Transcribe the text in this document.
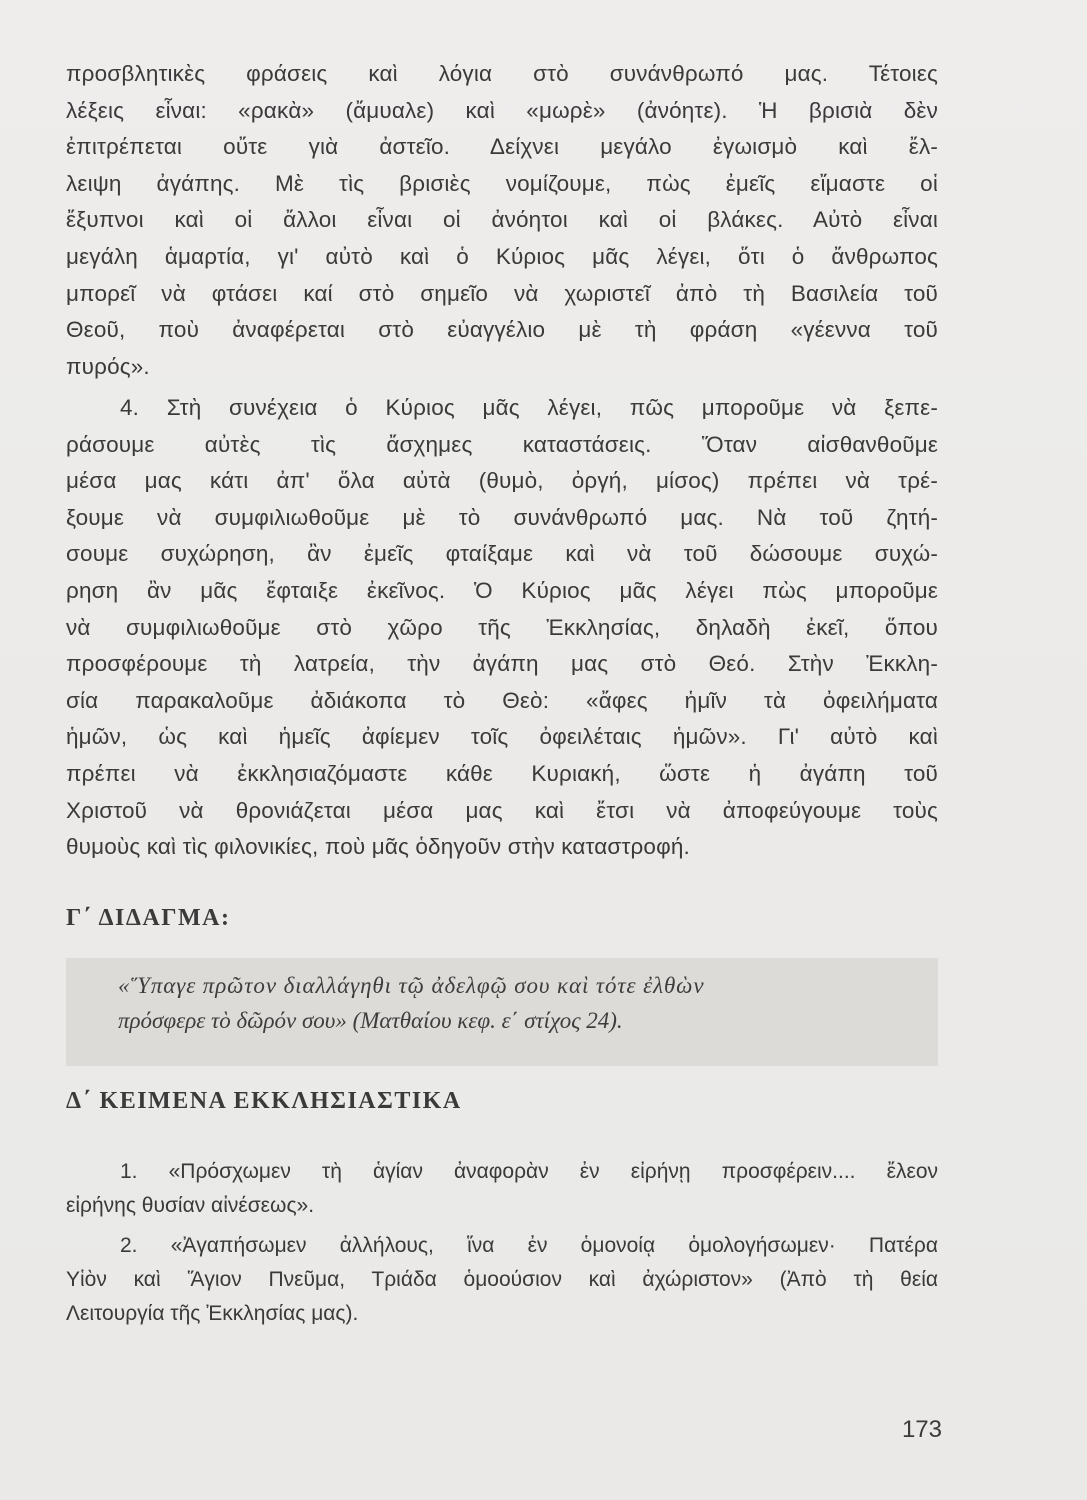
προσβλητικὲς φράσεις καὶ λόγια στὸ συνάνθρωπό μας. Τέτοιες
λέξεις εἶναι: «ρακὰ» (ἄμυαλε) καὶ «μωρὲ» (ἀνόητε). Ἡ βρισιὰ δὲν
ἐπιτρέπεται οὔτε γιὰ ἀστεῖο. Δείχνει μεγάλο ἐγωισμὸ καὶ ἔλ-
λειψη ἀγάπης. Μὲ τὶς βρισιὲς νομίζουμε, πὼς ἐμεῖς εἴμαστε οἱ
ἔξυπνοι καὶ οἱ ἄλλοι εἶναι οἱ ἀνόητοι καὶ οἱ βλάκες. Αὐτὸ εἶναι
μεγάλη ἁμαρτία, γι' αὐτὸ καὶ ὁ Κύριος μᾶς λέγει, ὅτι ὁ ἄνθρωπος
μπορεῖ νὰ φτάσει καί στὸ σημεῖο νὰ χωριστεῖ ἀπὸ τὴ Βασιλεία τοῦ
Θεοῦ, ποὺ ἀναφέρεται στὸ εὐαγγέλιο μὲ τὴ φράση «γέεννα τοῦ
πυρός».
4. Στὴ συνέχεια ὁ Κύριος μᾶς λέγει, πῶς μποροῦμε νὰ ξεπε-
ράσουμε αὐτὲς τὶς ἄσχημες καταστάσεις. Ὅταν αἰσθανθοῦμε
μέσα μας κάτι ἀπ' ὅλα αὐτὰ (θυμὸ, ὀργή, μίσος) πρέπει νὰ τρέ-
ξουμε νὰ συμφιλιωθοῦμε μὲ τὸ συνάνθρωπό μας. Νὰ τοῦ ζητή-
σουμε συχώρηση, ἂν ἐμεῖς φταίξαμε καὶ νὰ τοῦ δώσουμε συχώ-
ρηση ἂν μᾶς ἔφταιξε ἐκεῖνος. Ὁ Κύριος μᾶς λέγει πὼς μποροῦμε
νὰ συμφιλιωθοῦμε στὸ χῶρο τῆς Ἐκκλησίας, δηλαδὴ ἐκεῖ, ὅπου
προσφέρουμε τὴ λατρεία, τὴν ἀγάπη μας στὸ Θεό. Στὴν Ἐκκλη-
σία παρακαλοῦμε ἀδιάκοπα τὸ Θεὸ: «ἄφες ἡμῖν τὰ ὀφειλήματα
ἡμῶν, ὡς καὶ ἡμεῖς ἀφίεμεν τοῖς ὀφειλέταις ἡμῶν». Γι' αὐτὸ καὶ
πρέπει νὰ ἐκκλησιαζόμαστε κάθε Κυριακή, ὥστε ἡ ἀγάπη τοῦ
Χριστοῦ νὰ θρονιάζεται μέσα μας καὶ ἔτσι νὰ ἀποφεύγουμε τοὺς
θυμοὺς καὶ τὶς φιλονικίες, ποὺ μᾶς ὁδηγοῦν στὴν καταστροφή.
Γ΄ ΔΙΔΑΓΜΑ:
«Ὕπαγε πρῶτον διαλλάγηθι τῷ ἀδελφῷ σου καὶ τότε ἐλθὼν
πρόσφερε τὸ δῶρόν σου» (Ματθαίου κεφ. ε΄ στίχος 24).
Δ΄ ΚΕΙΜΕΝΑ ΕΚΚΛΗΣΙΑΣΤΙΚΑ
1. «Πρόσχωμεν τὴ ἁγίαν ἀναφορὰν ἐν εἰρήνῃ προσφέρειν.... ἔλεον
εἰρήνης θυσίαν αἰνέσεως».
2. «Ἀγαπήσωμεν ἀλλήλους, ἵνα ἐν ὁμονοίᾳ ὁμολογήσωμεν· Πατέρα
Υἱὸν καὶ Ἅγιον Πνεῦμα, Τριάδα ὁμοούσιον καὶ ἀχώριστον» (Ἀπὸ τὴ θεία
Λειτουργία τῆς Ἐκκλησίας μας).
173
